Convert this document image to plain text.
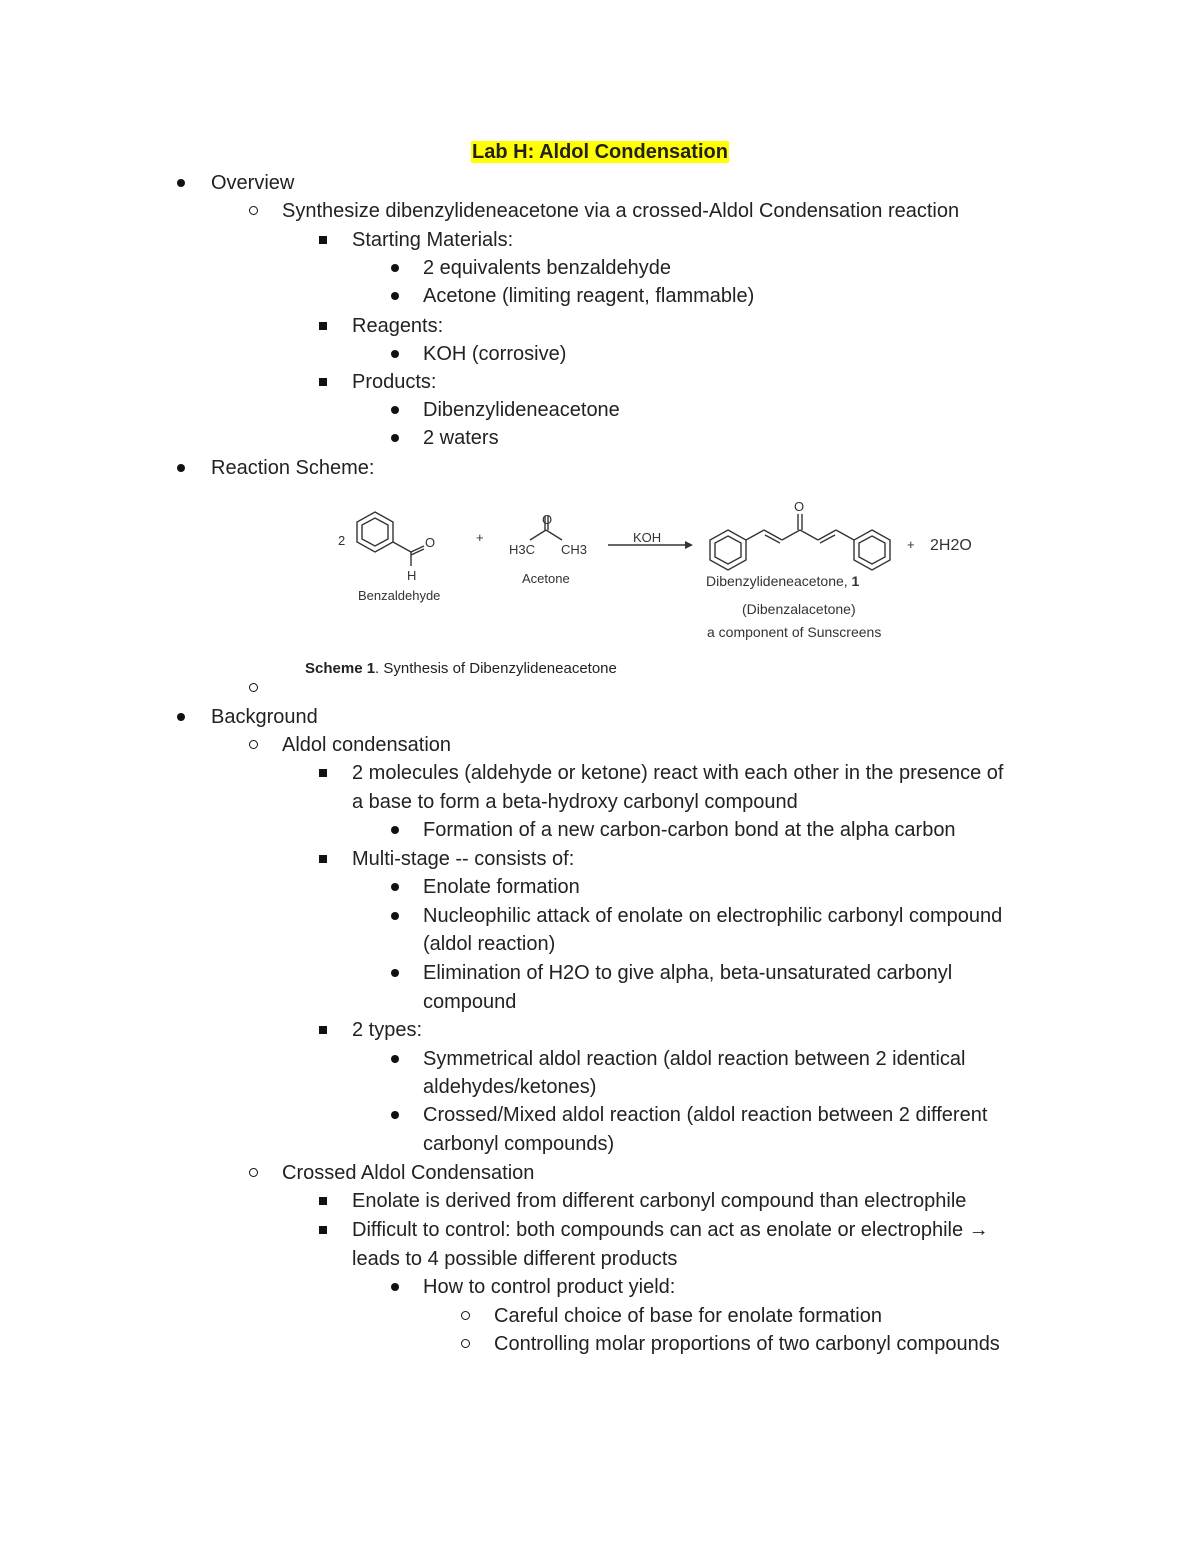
Lab H: Aldol Condensation
Overview
Synthesize dibenzylideneacetone via a crossed-Aldol Condensation reaction
Starting Materials:
2 equivalents benzaldehyde
Acetone (limiting reagent, flammable)
Reagents:
KOH (corrosive)
Products:
Dibenzylideneacetone
2 waters
Reaction Scheme:
2	O
H
Benzaldehyde
+
O
H3C CH3
Acetone
KOH
O
Dibenzylideneacetone, 1
(Dibenzalacetone)
a component of Sunscreens
+ 2H2O
Scheme 1. Synthesis of Dibenzylideneacetone
Background
Aldol condensation
2 molecules (aldehyde or ketone) react with each other in the presence of
a base to form a beta-hydroxy carbonyl compound
Formation of a new carbon-carbon bond at the alpha carbon
Multi-stage -- consists of:
Enolate formation
Nucleophilic attack of enolate on electrophilic carbonyl compound
(aldol reaction)
Elimination of H2O to give alpha, beta-unsaturated carbonyl
compound
2 types:
Symmetrical aldol reaction (aldol reaction between 2 identical
aldehydes/ketones)
Crossed/Mixed aldol reaction (aldol reaction between 2 different
carbonyl compounds)
Crossed Aldol Condensation
Enolate is derived from different carbonyl compound than electrophile
Difficult to control: both compounds can act as enolate or electrophile →
leads to 4 possible different products
How to control product yield:
Careful choice of base for enolate formation
Controlling molar proportions of two carbonyl compounds
